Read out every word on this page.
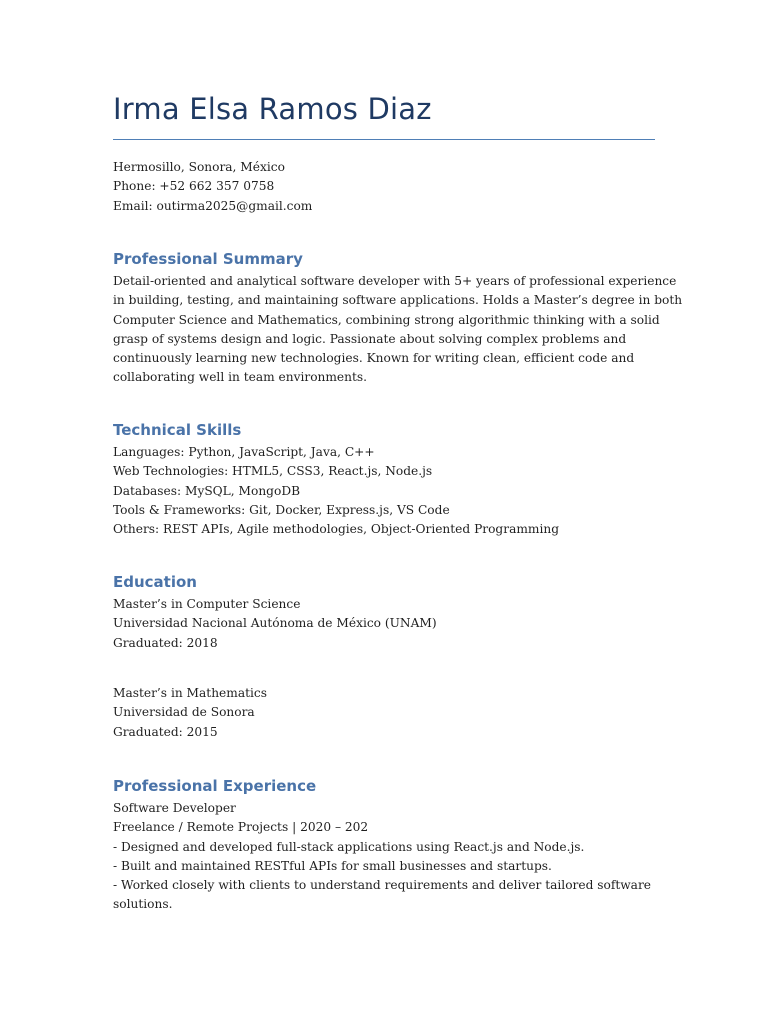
Irma Elsa Ramos Diaz
Hermosillo, Sonora, México
Phone: +52 662 357 0758
Email: outirma2025@gmail.com
Professional Summary
Detail-oriented and analytical software developer with 5+ years of professional experience
in building, testing, and maintaining software applications. Holds a Master’s degree in both
Computer Science and Mathematics, combining strong algorithmic thinking with a solid
grasp of systems design and logic. Passionate about solving complex problems and
continuously learning new technologies. Known for writing clean, efficient code and
collaborating well in team environments.
Technical Skills
Languages: Python, JavaScript, Java, C++
Web Technologies: HTML5, CSS3, React.js, Node.js
Databases: MySQL, MongoDB
Tools & Frameworks: Git, Docker, Express.js, VS Code
Others: REST APIs, Agile methodologies, Object-Oriented Programming
Education
Master’s in Computer Science
Universidad Nacional Autónoma de México (UNAM)
Graduated: 2018
Master’s in Mathematics
Universidad de Sonora
Graduated: 2015
Professional Experience
Software Developer
Freelance / Remote Projects | 2020 – 202
- Designed and developed full-stack applications using React.js and Node.js.
- Built and maintained RESTful APIs for small businesses and startups.
- Worked closely with clients to understand requirements and deliver tailored software
solutions.
